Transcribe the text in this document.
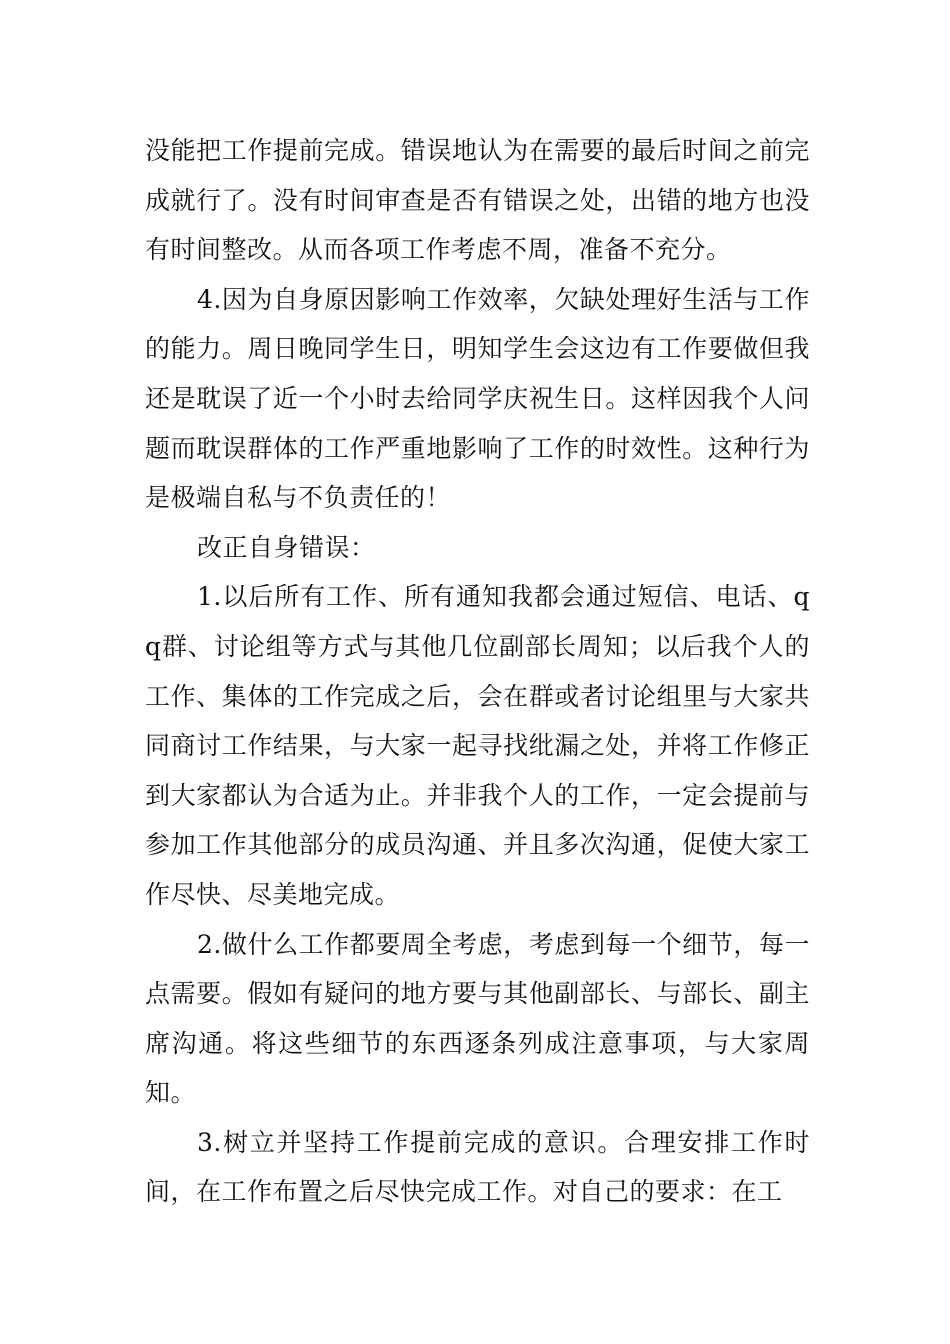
没能把工作提前完成。错误地认为在需要的最后时间之前完成就行了。没有时间审查是否有错误之处，出错的地方也没有时间整改。从而各项工作考虑不周，准备不充分。

4.因为自身原因影响工作效率，欠缺处理好生活与工作的能力。周日晚同学生日，明知学生会这边有工作要做但我还是耽误了近一个小时去给同学庆祝生日。这样因我个人问题而耽误群体的工作严重地影响了工作的时效性。这种行为是极端自私与不负责任的！

改正自身错误：

1.以后所有工作、所有通知我都会通过短信、电话、qq群、讨论组等方式与其他几位副部长周知；以后我个人的工作、集体的工作完成之后，会在群或者讨论组里与大家共同商讨工作结果，与大家一起寻找纰漏之处，并将工作修正到大家都认为合适为止。并非我个人的工作，一定会提前与参加工作其他部分的成员沟通、并且多次沟通，促使大家工作尽快、尽美地完成。

2.做什么工作都要周全考虑，考虑到每一个细节，每一点需要。假如有疑问的地方要与其他副部长、与部长、副主席沟通。将这些细节的东西逐条列成注意事项，与大家周知。

3.树立并坚持工作提前完成的意识。合理安排工作时间，在工作布置之后尽快完成工作。对自己的要求：在工
